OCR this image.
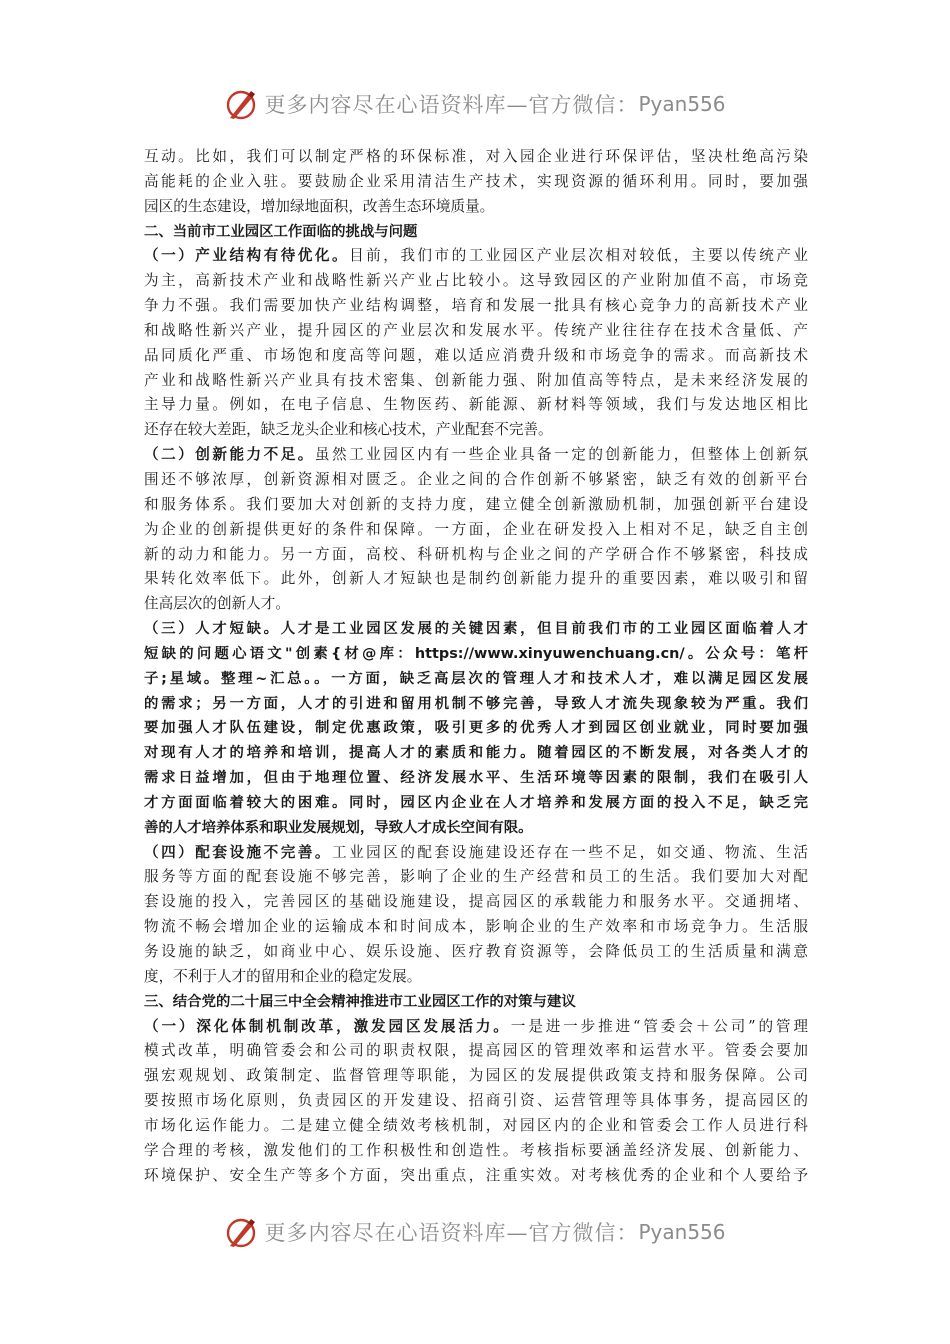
更多内容尽在心语资料库—官方微信： Pyan556
互动。比如，我们可以制定严格的环保标准，对入园企业进行环保评估，坚决杜绝高污染
高能耗的企业入驻。要鼓励企业采用清洁生产技术，实现资源的循环利用。同时，要加强
园区的生态建设，增加绿地面积，改善生态环境质量。
二、当前市工业园区工作面临的挑战与问题
（一）产业结构有待优化。目前，我们市的工业园区产业层次相对较低，主要以传统产业
为主，高新技术产业和战略性新兴产业占比较小。这导致园区的产业附加值不高，市场竞
争力不强。我们需要加快产业结构调整，培育和发展一批具有核心竞争力的高新技术产业
和战略性新兴产业，提升园区的产业层次和发展水平。传统产业往往存在技术含量低、产
品同质化严重、市场饱和度高等问题，难以适应消费升级和市场竞争的需求。而高新技术
产业和战略性新兴产业具有技术密集、创新能力强、附加值高等特点，是未来经济发展的
主导力量。例如，在电子信息、生物医药、新能源、新材料等领域，我们与发达地区相比
还存在较大差距，缺乏龙头企业和核心技术，产业配套不完善。
（二）创新能力不足。虽然工业园区内有一些企业具备一定的创新能力，但整体上创新氛
围还不够浓厚，创新资源相对匮乏。企业之间的合作创新不够紧密，缺乏有效的创新平台
和服务体系。我们要加大对创新的支持力度，建立健全创新激励机制，加强创新平台建设
为企业的创新提供更好的条件和保障。一方面，企业在研发投入上相对不足，缺乏自主创
新的动力和能力。另一方面，高校、科研机构与企业之间的产学研合作不够紧密，科技成
果转化效率低下。此外，创新人才短缺也是制约创新能力提升的重要因素，难以吸引和留
住高层次的创新人才。
（三）人才短缺。人才是工业园区发展的关键因素，但目前我们市的工业园区面临着人才
短缺的问题心语文"创素{材@库：https://www.xinyuwenchuang.cn/。公众号：笔杆
子;星域。整理~汇总。。一方面，缺乏高层次的管理人才和技术人才，难以满足园区发展
的需求；另一方面，人才的引进和留用机制不够完善，导致人才流失现象较为严重。我们
要加强人才队伍建设，制定优惠政策，吸引更多的优秀人才到园区创业就业，同时要加强
对现有人才的培养和培训，提高人才的素质和能力。随着园区的不断发展，对各类人才的
需求日益增加，但由于地理位置、经济发展水平、生活环境等因素的限制，我们在吸引人
才方面面临着较大的困难。同时，园区内企业在人才培养和发展方面的投入不足，缺乏完
善的人才培养体系和职业发展规划，导致人才成长空间有限。
（四）配套设施不完善。工业园区的配套设施建设还存在一些不足，如交通、物流、生活
服务等方面的配套设施不够完善，影响了企业的生产经营和员工的生活。我们要加大对配
套设施的投入，完善园区的基础设施建设，提高园区的承载能力和服务水平。交通拥堵、
物流不畅会增加企业的运输成本和时间成本，影响企业的生产效率和市场竞争力。生活服
务设施的缺乏，如商业中心、娱乐设施、医疗教育资源等，会降低员工的生活质量和满意
度，不利于人才的留用和企业的稳定发展。
三、结合党的二十届三中全会精神推进市工业园区工作的对策与建议
（一）深化体制机制改革，激发园区发展活力。一是进一步推进“管委会＋公司”的管理
模式改革，明确管委会和公司的职责权限，提高园区的管理效率和运营水平。管委会要加
强宏观规划、政策制定、监督管理等职能，为园区的发展提供政策支持和服务保障。公司
要按照市场化原则，负责园区的开发建设、招商引资、运营管理等具体事务，提高园区的
市场化运作能力。二是建立健全绩效考核机制，对园区内的企业和管委会工作人员进行科
学合理的考核，激发他们的工作积极性和创造性。考核指标要涵盖经济发展、创新能力、
环境保护、安全生产等多个方面，突出重点，注重实效。对考核优秀的企业和个人要给予
更多内容尽在心语资料库—官方微信： Pyan556
